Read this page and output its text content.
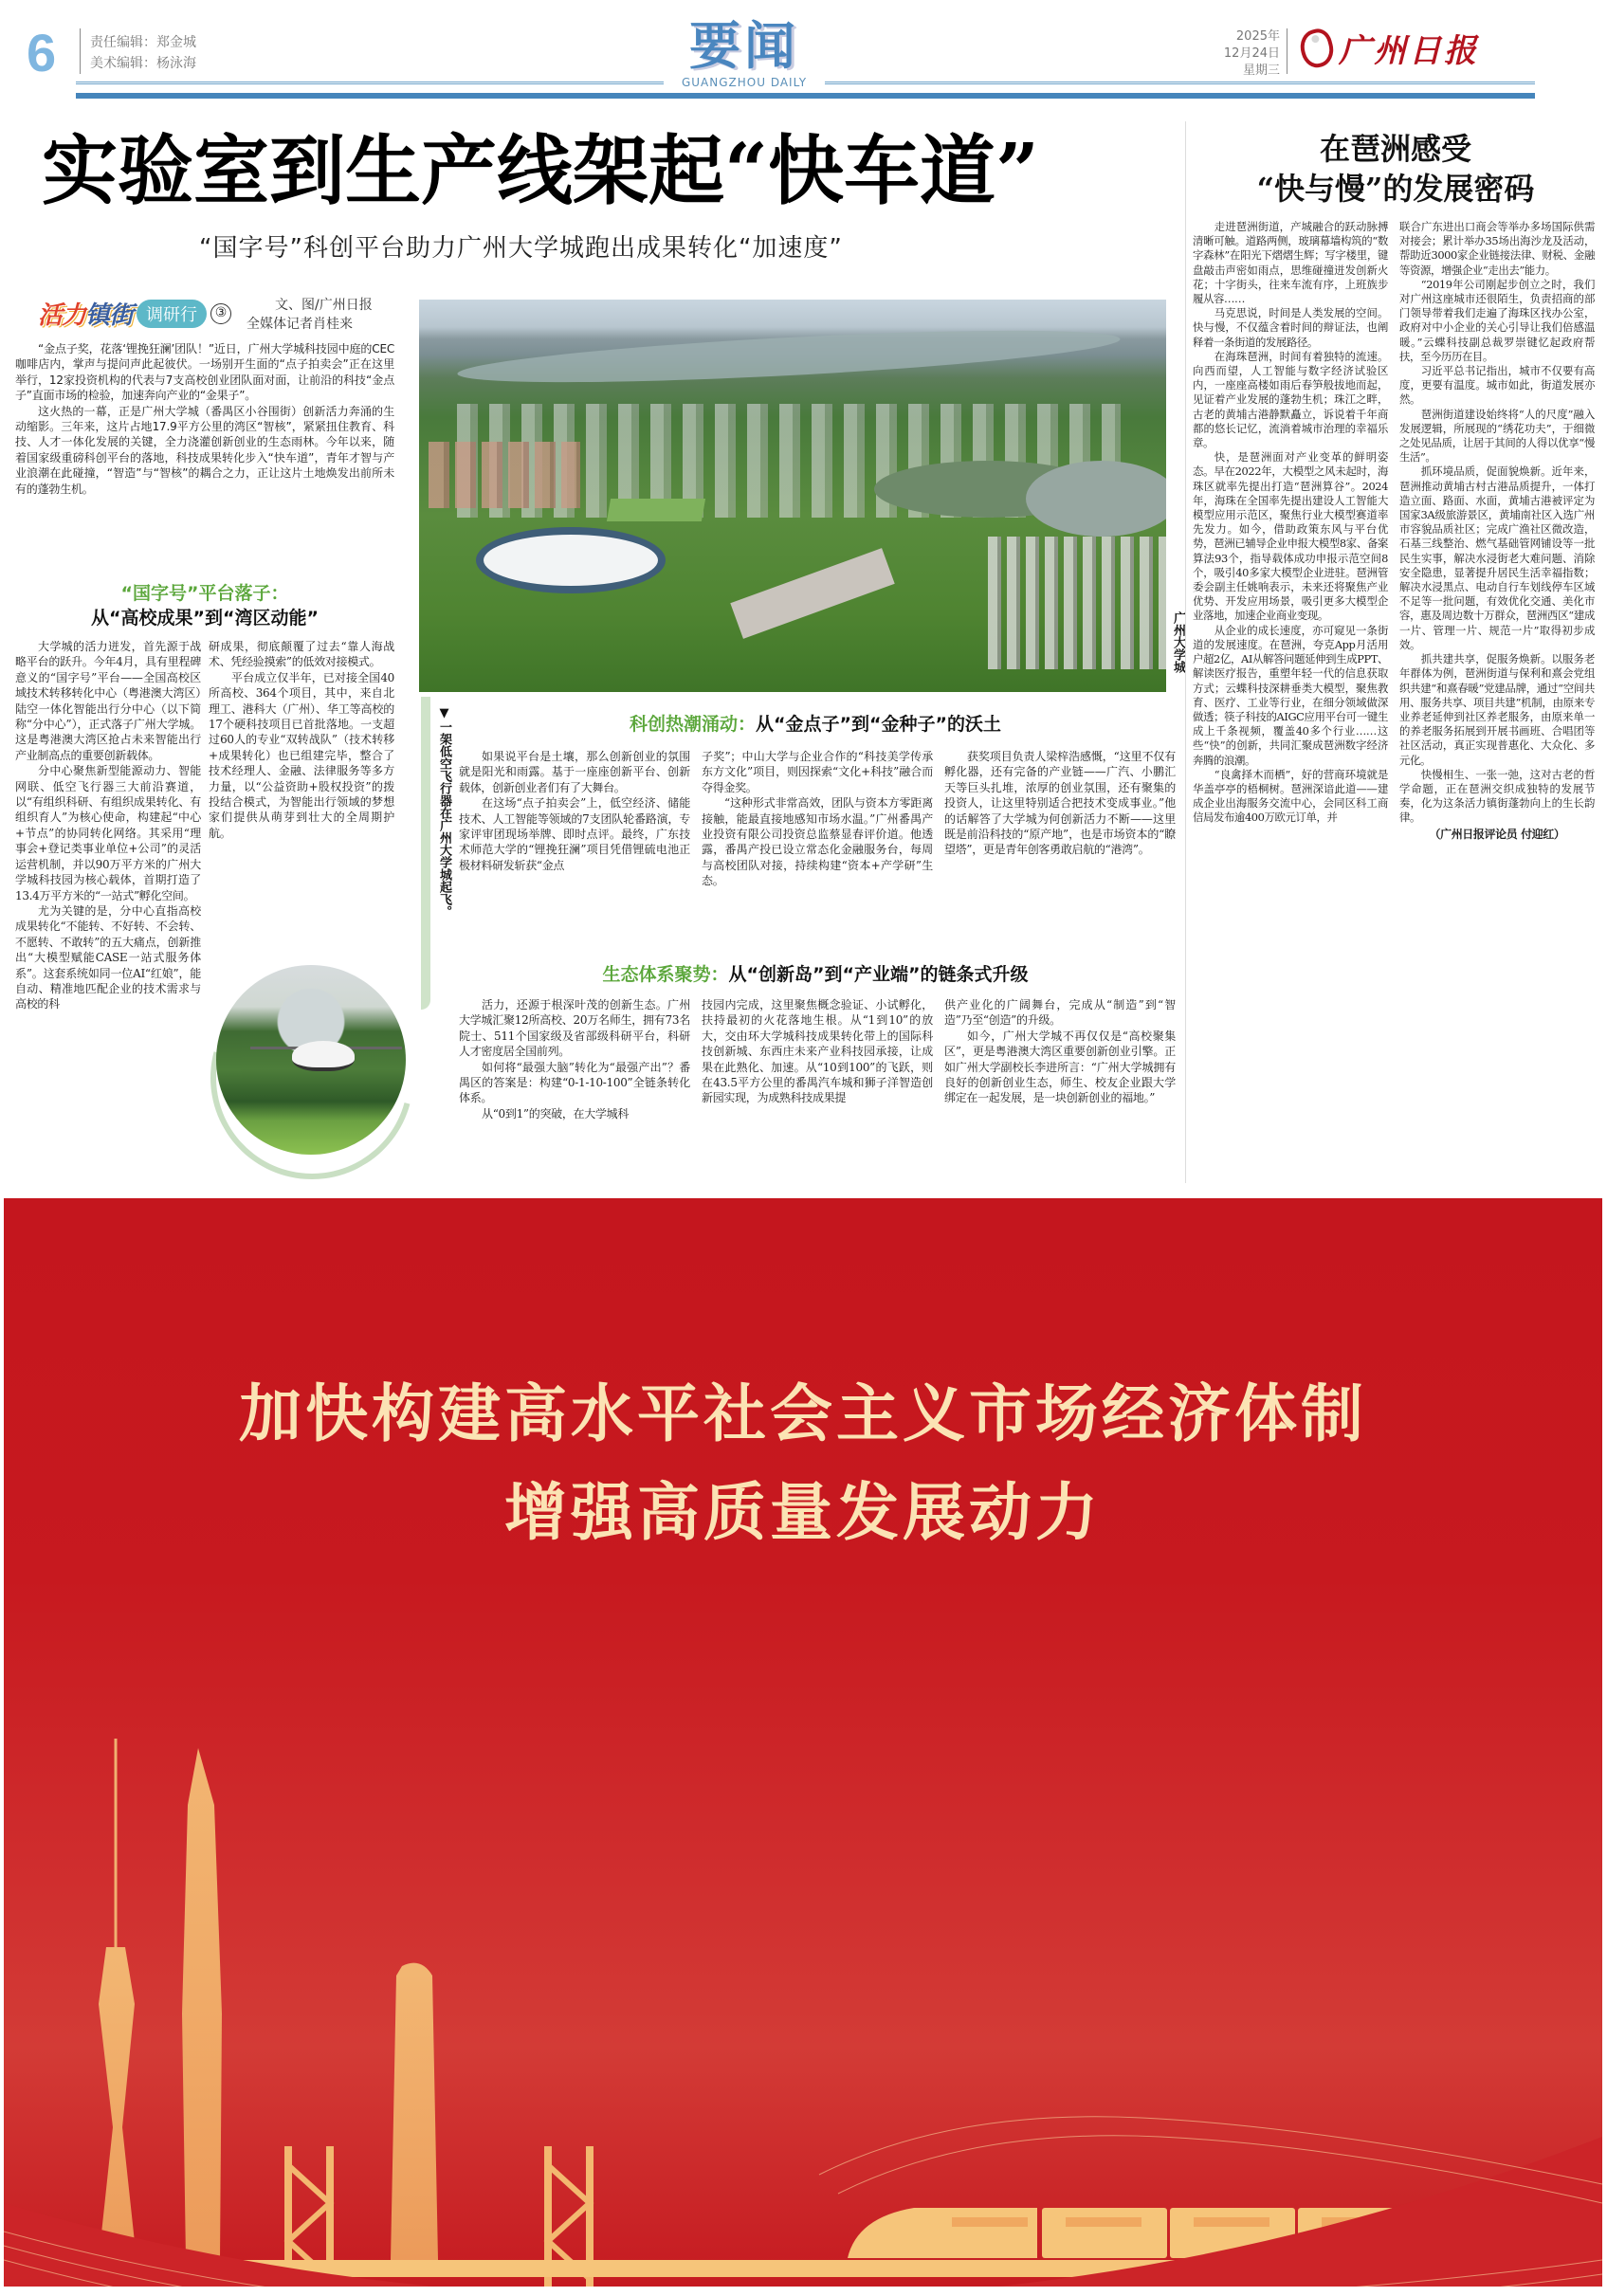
6	责任编辑：郑金城
美术编辑：杨泳海	要闻
GUANGZHOU DAILY
2025年
12月24日
星期三
广州日报
实验室到生产线架起“快车道”
“国字号”科创平台助力广州大学城跑出成果转化“加速度”
活力镇街 调研行	③	文、图/广州日报
全媒体记者肖桂来

“金点子奖，花落‘锂挽狂澜’团队！”近日，广州大学城科技园中庭的CEC咖啡店内，掌声与提问声此起彼伏。一场别开生面的“点子拍卖会”正在这里举行，12家投资机构的代表与7支高校创业团队面对面，让前沿的科技“金点子”直面市场的检验，加速奔向产业的“金果子”。

这火热的一幕，正是广州大学城（番禺区小谷围街）创新活力奔涌的生动缩影。三年来，这片占地17.9平方公里的湾区“智核”，紧紧扭住教育、科技、人才一体化发展的关键，全力浇灌创新创业的生态雨林。今年以来，随着国家级重磅科创平台的落地，科技成果转化步入“快车道”，青年才智与产业浪潮在此碰撞，“智造”与“智核”的耦合之力，正让这片土地焕发出前所未有的蓬勃生机。

“国字号”平台落子：
从“高校成果”到“湾区动能”

大学城的活力迸发，首先源于战略平台的跃升。今年4月，具有里程碑意义的“国字号”平台——全国高校区域技术转移转化中心（粤港澳大湾区）陆空一体化智能出行分中心（以下简称“分中心”），正式落子广州大学城。这是粤港澳大湾区抢占未来智能出行产业制高点的重要创新载体。

分中心聚焦新型能源动力、智能网联、低空飞行器三大前沿赛道，以“有组织科研、有组织成果转化、有组织育人”为核心使命，构建起“中心+节点”的协同转化网络。其采用“理事会+登记类事业单位+公司”的灵活运营机制，并以90万平方米的广州大学城科技园为核心载体，首期打造了13.4万平方米的“一站式”孵化空间。

尤为关键的是，分中心直指高校成果转化“不能转、不好转、不会转、不愿转、不敢转”的五大痛点，创新推出“大模型赋能CASE一站式服务体系”。这套系统如同一位AI“红娘”，能自动、精准地匹配企业的技术需求与高校的科

研成果，彻底颠覆了过去“靠人海战术、凭经验摸索”的低效对接模式。

平台成立仅半年，已对接全国40所高校、364个项目，其中，来自北理工、港科大（广州）、华工等高校的17个硬科技项目已首批落地。一支超过60人的专业“双转战队”（技术转移+成果转化）也已组建完毕，整合了技术经理人、金融、法律服务等多方力量，以“公益资助+股权投资”的拨投结合模式，为智能出行领域的梦想家们提供从萌芽到壮大的全周期护航。

广州大学城
▼一架低空飞行器在广州大学城起飞。	科创热潮涌动：从“金点子”到“金种子”的沃土

如果说平台是土壤，那么创新创业的氛围就是阳光和雨露。基于一座座创新平台、创新载体，创新创业者们有了大舞台。

在这场“点子拍卖会”上，低空经济、储能技术、人工智能等领域的7支团队轮番路演，专家评审团现场举牌、即时点评。最终，广东技术师范大学的“锂挽狂澜”项目凭借锂硫电池正极材料研发斩获“金点

子奖”；中山大学与企业合作的“科技美学传承东方文化”项目，则因探索“文化+科技”融合而夺得金奖。

“这种形式非常高效，团队与资本方零距离接触，能最直接地感知市场水温。”广州番禺产业投资有限公司投资总监蔡显春评价道。他透露，番禺产投已设立常态化金融服务台，每周与高校团队对接，持续构建“资本+产学研”生态。

获奖项目负责人梁梓浩感慨，“这里不仅有孵化器，还有完备的产业链——广汽、小鹏汇天等巨头扎堆，浓厚的创业氛围，还有聚集的投资人，让这里特别适合把技术变成事业。”他的话解答了大学城为何创新活力不断——这里既是前沿科技的“原产地”，也是市场资本的“瞭望塔”，更是青年创客勇敢启航的“港湾”。

生态体系聚势：从“创新岛”到“产业端”的链条式升级

活力，还源于根深叶茂的创新生态。广州大学城汇聚12所高校、20万名师生，拥有73名院士、511个国家级及省部级科研平台，科研人才密度居全国前列。

如何将“最强大脑”转化为“最强产出”？番禺区的答案是：构建“0-1-10-100”全链条转化体系。

从“0到1”的突破，在大学城科

技园内完成，这里聚焦概念验证、小试孵化，扶持最初的火花落地生根。从“1到10”的放大，交由环大学城科技成果转化带上的国际科技创新城、东西庄未来产业科技园承接，让成果在此熟化、加速。从“10到100”的飞跃，则在43.5平方公里的番禺汽车城和狮子洋智造创新园实现，为成熟科技成果提

供产业化的广阔舞台，完成从“制造”到“智造”乃至“创造”的升级。

如今，广州大学城不再仅仅是“高校聚集区”，更是粤港澳大湾区重要创新创业引擎。正如广州大学副校长李进所言：“广州大学城拥有良好的创新创业生态，师生、校友企业跟大学绑定在一起发展，是一块创新创业的福地。”

在琶洲感受
“快与慢”的发展密码

走进琶洲街道，产城融合的跃动脉搏清晰可触。道路两侧，玻璃幕墙构筑的“数字森林”在阳光下熠熠生辉；写字楼里，键盘敲击声密如雨点，思维碰撞迸发创新火花；十字街头，往来车流有序，上班族步履从容……

马克思说，时间是人类发展的空间。快与慢，不仅蕴含着时间的辩证法，也阐释着一条街道的发展路径。

在海珠琶洲，时间有着独特的流速。向西而望，人工智能与数字经济试验区内，一座座高楼如雨后春笋般拔地而起，见证着产业发展的蓬勃生机；珠江之畔，古老的黄埔古港静默矗立，诉说着千年商都的悠长记忆，流淌着城市治理的幸福乐章。

快，是琶洲面对产业变革的鲜明姿态。早在2022年，大模型之风未起时，海珠区就率先提出打造“琶洲算谷”。2024年，海珠在全国率先提出建设人工智能大模型应用示范区，聚焦行业大模型赛道率先发力。如今，借助政策东风与平台优势，琶洲已辅导企业申报大模型8家、备案算法93个，指导载体成功申报示范空间8个，吸引40多家大模型企业进驻。琶洲管委会副主任姚响表示，未来还将聚焦产业优势、开发应用场景，吸引更多大模型企业落地，加速企业商业变现。

从企业的成长速度，亦可窥见一条街道的发展速度。在琶洲，夸克App月活用户超2亿，AI从解答问题延伸到生成PPT、解读医疗报告，重塑年轻一代的信息获取方式；云蝶科技深耕垂类大模型，聚焦教育、医疗、工业等行业，在细分领域做深做透；筷子科技的AIGC应用平台可一键生成上千条视频，覆盖40多个行业……这些“快”的创新，共同汇聚成琶洲数字经济奔腾的浪潮。

“良禽择木而栖”，好的营商环境就是华盖亭亭的梧桐树。琶洲深谙此道——建成企业出海服务交流中心，会同区科工商信局发布逾400万欧元订单，并

联合广东进出口商会等举办多场国际供需对接会；累计举办35场出海沙龙及活动，帮助近3000家企业链接法律、财税、金融等资源，增强企业“走出去”能力。

“2019年公司刚起步创立之时，我们对广州这座城市还很陌生，负责招商的部门领导带着我们走遍了海珠区找办公室，政府对中小企业的关心引导让我们倍感温暖。”云蝶科技副总裁罗崇键忆起政府帮扶，至今历历在目。

习近平总书记指出，城市不仅要有高度，更要有温度。城市如此，街道发展亦然。

琶洲街道建设始终将“人的尺度”融入发展逻辑，所展现的“绣花功夫”，于细微之处见品质，让居于其间的人得以优享“慢生活”。

抓环境品质，促面貌焕新。近年来，琶洲推动黄埔古村古港品质提升，一体打造立面、路面、水面，黄埔古港被评定为国家3A级旅游景区，黄埔南社区入选广州市容貌品质社区；完成广渔社区微改造，石基三线整治、燃气基础管网铺设等一批民生实事，解决水浸街老大难问题、消除安全隐患，显著提升居民生活幸福指数；解决水浸黑点、电动自行车划线停车区域不足等一批问题，有效优化交通、美化市容，惠及周边数十万群众，琶洲西区“建成一片、管理一片、规范一片”取得初步成效。

抓共建共享，促服务焕新。以服务老年群体为例，琶洲街道与保利和熹会党组织共建“和熹春暖”党建品牌，通过“空间共用、服务共享、项目共建”机制，由原来专业养老延伸到社区养老服务，由原来单一的养老服务拓展到开展书画班、合唱团等社区活动，真正实现普惠化、大众化、多元化。

快慢相生、一张一弛，这对古老的哲学命题，正在琶洲交织成独特的发展节奏，化为这条活力镇街蓬勃向上的生长韵律。

（广州日报评论员 付迎红）
加快构建高水平社会主义市场经济体制
增强高质量发展动力
